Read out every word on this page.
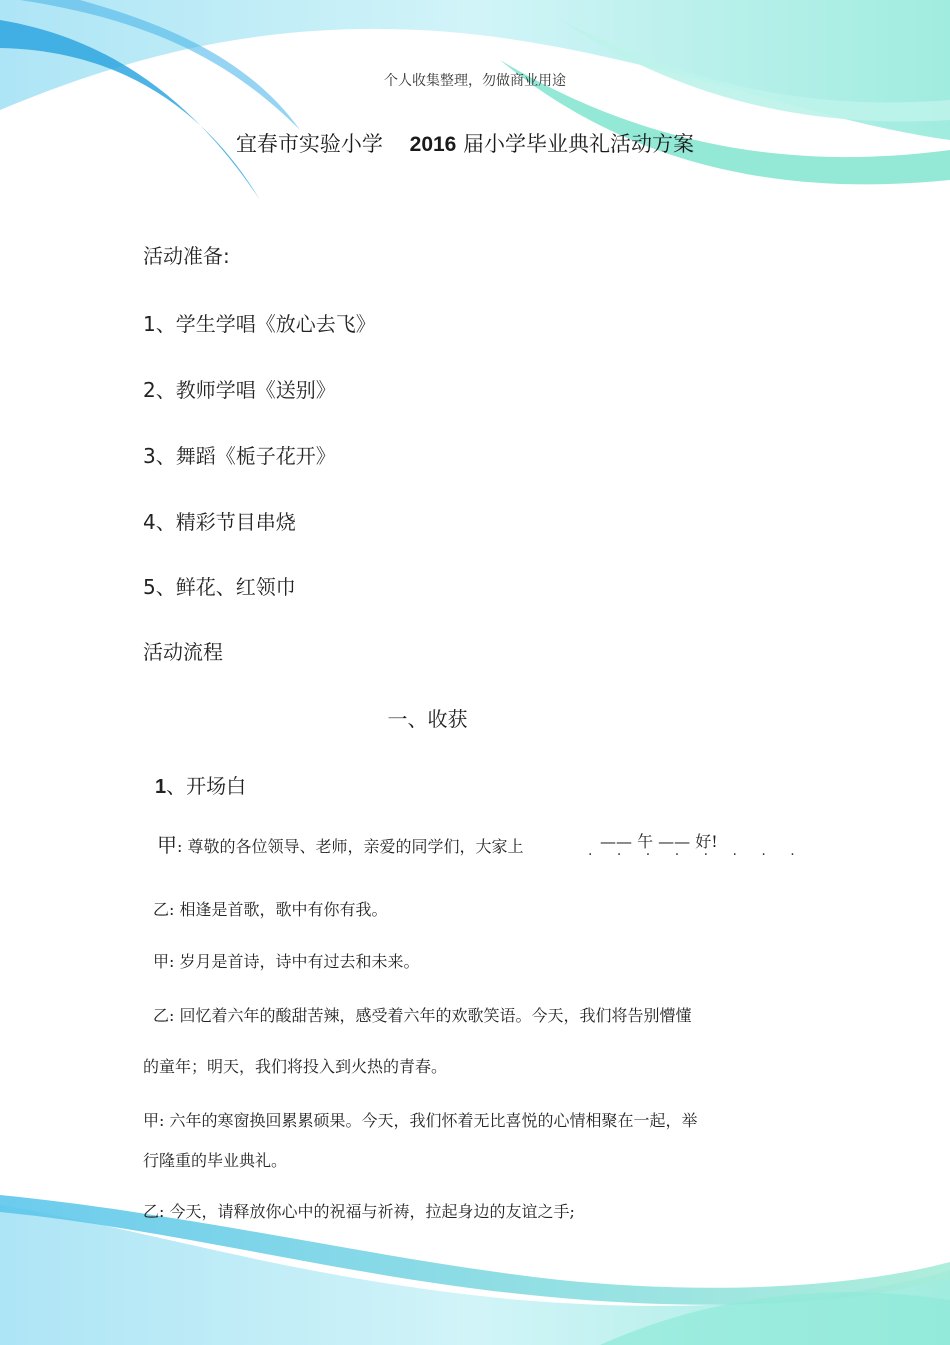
个人收集整理，勿做商业用途
宜春市实验小学 2016 届小学毕业典礼活动方案
活动准备:
1、学生学唱《放心去飞》
2、教师学唱《送别》
3、舞蹈《栀子花开》
4、精彩节目串烧
5、鲜花、红领巾
活动流程
一、收获
1、开场白
甲: 尊敬的各位领导、老师，亲爱的同学们，大家上	—— 午 —— 好!
· · · · · · · ·
乙: 相逢是首歌，歌中有你有我。
甲: 岁月是首诗，诗中有过去和未来。
乙: 回忆着六年的酸甜苦辣，感受着六年的欢歌笑语。今天，我们将告别懵懂
的童年；明天，我们将投入到火热的青春。
甲: 六年的寒窗换回累累硕果。今天，我们怀着无比喜悦的心情相聚在一起，举
行隆重的毕业典礼。
乙: 今天，请释放你心中的祝福与祈祷，拉起身边的友谊之手;
